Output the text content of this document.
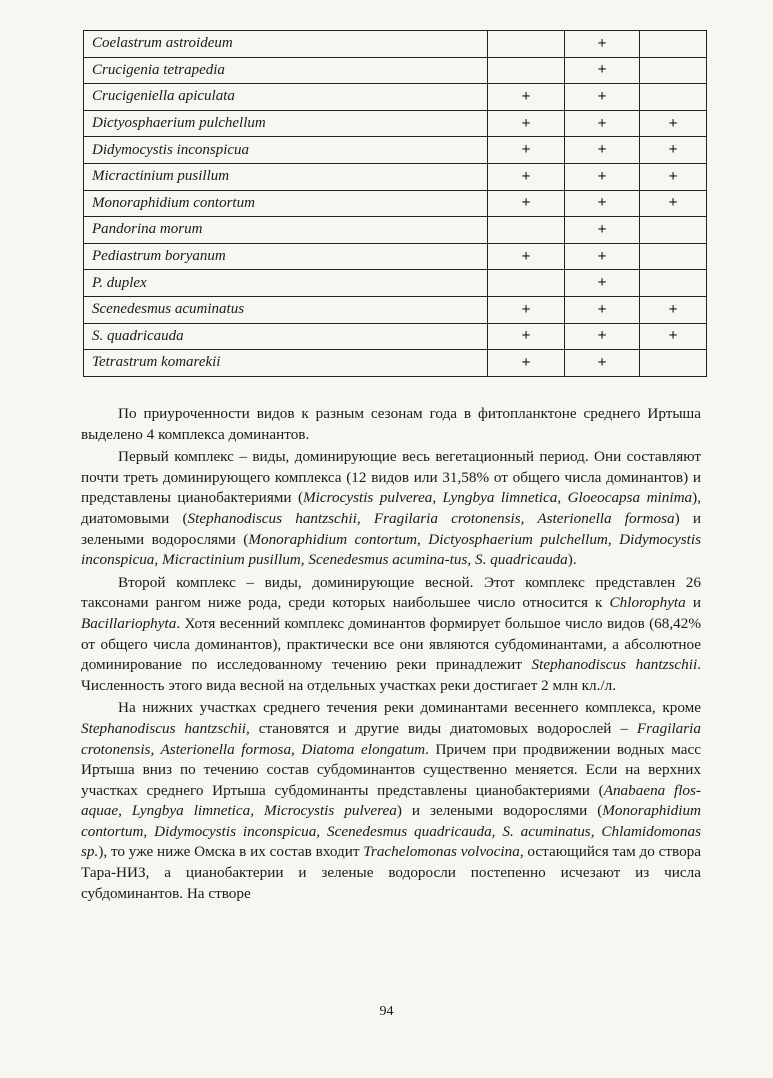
Coelastrum astroideum		+	
Crucigenia tetrapedia		+	
Crucigeniella apiculata	+	+	
Dictyosphaerium pulchellum	+	+	+
Didymocystis inconspicua	+	+	+
Micractinium pusillum	+	+	+
Monoraphidium contortum	+	+	+
Pandorina morum		+	
Pediastrum boryanum	+	+	
P. duplex		+	
Scenedesmus acuminatus	+	+	+
S. quadricauda	+	+	+
Tetrastrum komarekii	+	+	

По приуроченности видов к разным сезонам года в фитопланктоне среднего Иртыша выделено 4 комплекса доминантов.

Первый комплекс – виды, доминирующие весь вегетационный период. Они составляют почти треть доминирующего комплекса (12 видов или 31,58% от общего числа доминантов) и представлены цианобактериями (Microcystis pulverea, Lyngbya limnetica, Gloeocapsa minima), диатомовыми (Stephanodiscus hantzschii, Fragilaria crotonensis, Asterionella formosa) и зелеными водорослями (Monoraphidium contortum, Dictyosphaerium pulchellum, Didymocystis inconspicua, Micractinium pusillum, Scenedesmus acumina-tus, S. quadricauda).

Второй комплекс – виды, доминирующие весной. Этот комплекс представлен 26 таксонами рангом ниже рода, среди которых наибольшее число относится к Chlorophyta и Bacillariophyta. Хотя весенний комплекс доминантов формирует большое число видов (68,42% от общего числа доминантов), практически все они являются субдоминантами, а абсолютное доминирование по исследованному течению реки принадлежит Stephanodiscus hantzschii. Численность этого вида весной на отдельных участках реки достигает 2 млн кл./л.

На нижних участках среднего течения реки доминантами весеннего комплекса, кроме Stephanodiscus hantzschii, становятся и другие виды диатомовых водорослей – Fragilaria crotonensis, Asterionella formosa, Diatoma elongatum. Причем при продвижении водных масс Иртыша вниз по течению состав субдоминантов существенно меняется. Если на верхних участках среднего Иртыша субдоминанты представлены цианобактериями (Anabaena flos-aquae, Lyngbya limnetica, Microcystis pulverea) и зелеными водорослями (Monoraphidium contortum, Didymocystis inconspicua, Scenedesmus quadricauda, S. acuminatus, Chlamidomonas sp.), то уже ниже Омска в их состав входит Trachelomonas volvocina, остающийся там до створа Тара-НИЗ, а цианобактерии и зеленые водоросли постепенно исчезают из числа субдоминантов. На створе

94
